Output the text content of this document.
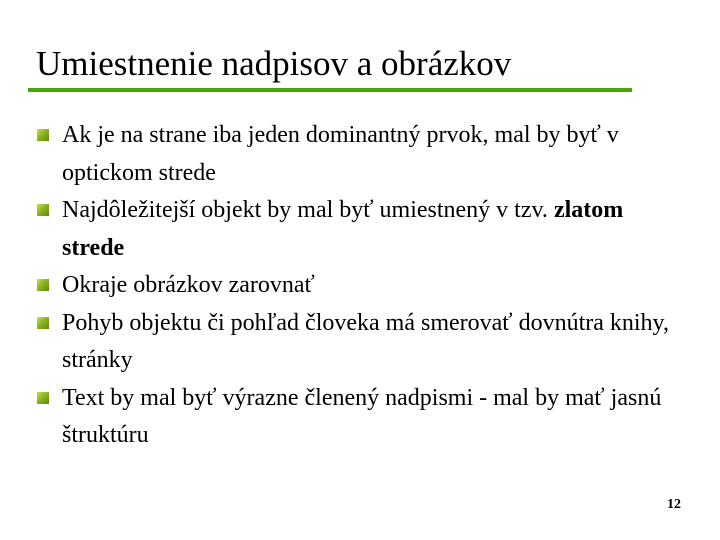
Umiestnenie nadpisov a obrázkov
Ak je na strane iba jeden dominantný prvok, mal by byť v optickom strede
Najdôležitejší objekt by mal byť umiestnený v tzv. zlatom strede
Okraje obrázkov zarovnať
Pohyb objektu či pohľad človeka má smerovať dovnútra knihy, stránky
Text by mal byť výrazne členený nadpismi - mal by mať jasnú štruktúru
12
